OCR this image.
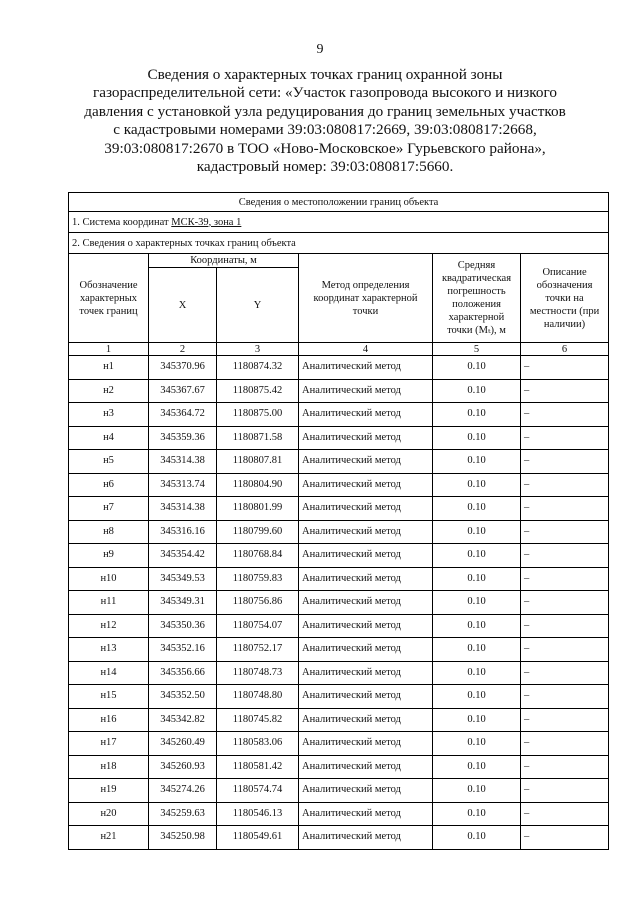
9
Сведения о характерных точках границ охранной зоны
газораспределительной сети: «Участок газопровода высокого и низкого
давления с установкой узла редуцирования до границ земельных участков
с кадастровыми номерами 39:03:080817:2669, 39:03:080817:2668,
39:03:080817:2670 в ТОО «Ново-Московское» Гурьевского района»,
кадастровый номер: 39:03:080817:5660.
Сведения о местоположении границ объекта					
1. Система координат МСК-39, зона 1					
2. Сведения о характерных точках границ объекта					
Обозначение характерных точек границ	Координаты, м		Метод определения координат характерной точки	Средняя квадратическая погрешность положения характерной точки (Mₜ), м	Описание обозначения точки на местности (при наличии)
	X	Y			
1	2	3	4	5	6
н1	345370.96	1180874.32	Аналитический метод	0.10	–
н2	345367.67	1180875.42	Аналитический метод	0.10	–
н3	345364.72	1180875.00	Аналитический метод	0.10	–
н4	345359.36	1180871.58	Аналитический метод	0.10	–
н5	345314.38	1180807.81	Аналитический метод	0.10	–
н6	345313.74	1180804.90	Аналитический метод	0.10	–
н7	345314.38	1180801.99	Аналитический метод	0.10	–
н8	345316.16	1180799.60	Аналитический метод	0.10	–
н9	345354.42	1180768.84	Аналитический метод	0.10	–
н10	345349.53	1180759.83	Аналитический метод	0.10	–
н11	345349.31	1180756.86	Аналитический метод	0.10	–
н12	345350.36	1180754.07	Аналитический метод	0.10	–
н13	345352.16	1180752.17	Аналитический метод	0.10	–
н14	345356.66	1180748.73	Аналитический метод	0.10	–
н15	345352.50	1180748.80	Аналитический метод	0.10	–
н16	345342.82	1180745.82	Аналитический метод	0.10	–
н17	345260.49	1180583.06	Аналитический метод	0.10	–
н18	345260.93	1180581.42	Аналитический метод	0.10	–
н19	345274.26	1180574.74	Аналитический метод	0.10	–
н20	345259.63	1180546.13	Аналитический метод	0.10	–
н21	345250.98	1180549.61	Аналитический метод	0.10	–
